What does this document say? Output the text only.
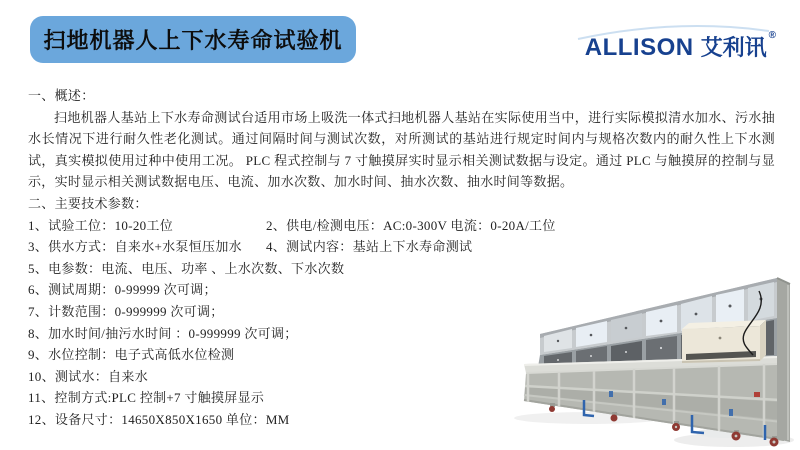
扫地机器人上下水寿命试验机	ALLISON 艾利讯 ®
一、概述：

扫地机器人基站上下水寿命测试台适用市场上吸洗一体式扫地机器人基站在实际使用当中，进行实际模拟清水加水、污水抽水长情况下进行耐久性老化测试。通过间隔时间与测试次数，对所测试的基站进行规定时间内与规格次数内的耐久性上下水测试，真实模拟使用过种中使用工况。 PLC 程式控制与 7 寸触摸屏实时显示相关测试数据与设定。通过 PLC 与触摸屏的控制与显示，实时显示相关测试数据电压、电流、加水次数、加水时间、抽水次数、抽水时间等数据。

二、主要技术参数：
1、试验工位：10-20工位	2、供电/检测电压：AC:0-300V 电流：0-20A/工位
3、供水方式：自来水+水泵恒压加水	4、测试内容：基站上下水寿命测试
5、电参数：电流、电压、功率 、上水次数、下水次数
6、测试周期：0-99999 次可调；
7、计数范围：0-999999 次可调；
8、加水时间/抽污水时间 ：0-999999 次可调；
9、水位控制：电子式高低水位检测
10、测试水：自来水
11、控制方式:PLC 控制+7 寸触摸屏显示
12、设备尺寸：14650X850X1650 单位：MM
